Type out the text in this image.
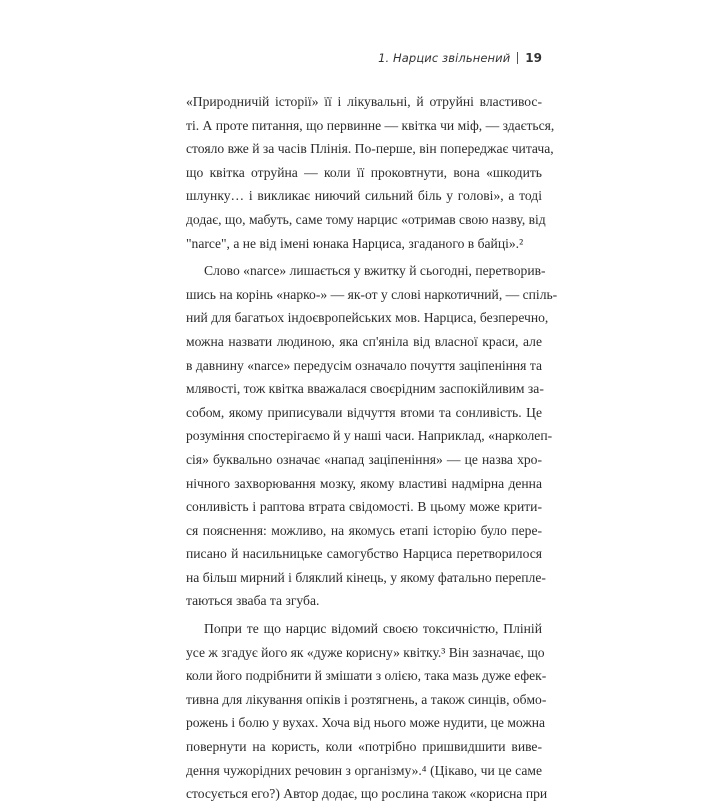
1. Нарцис звільнений 19
«Природничій історії» її і лікувальні, й отруйні властивос-
ті. А проте питання, що первинне — квітка чи міф, — здається,
стояло вже й за часів Плінія. По-перше, він попереджає читача,
що квітка отруйна — коли її проковтнути, вона «шкодить
шлунку… і викликає ниючий сильний біль у голові», а тоді
додає, що, мабуть, саме тому нарцис «отримав свою назву, від
"narce", а не від імені юнака Нарциса, згаданого в байці».²
Слово «narce» лишається у вжитку й сьогодні, перетворив-
шись на корінь «нарко-» — як-от у слові наркотичний, — спіль-
ний для багатьох індоєвропейських мов. Нарциса, безперечно,
можна назвати людиною, яка сп'яніла від власної краси, але
в давнину «narce» передусім означало почуття заціпеніння та
млявості, тож квітка вважалася своєрідним заспокійливим за-
собом, якому приписували відчуття втоми та сонливість. Це
розуміння спостерігаємо й у наші часи. Наприклад, «нарколеп-
сія» буквально означає «напад заціпеніння» — це назва хро-
нічного захворювання мозку, якому властиві надмірна денна
сонливість і раптова втрата свідомості. В цьому може крити-
ся пояснення: можливо, на якомусь етапі історію було пере-
писано й насильницьке самогубство Нарциса перетворилося
на більш мирний і бляклий кінець, у якому фатально перепле-
таються зваба та згуба.
Попри те що нарцис відомий своєю токсичністю, Пліній
усе ж згадує його як «дуже корисну» квітку.³ Він зазначає, що
коли його подрібнити й змішати з олією, така мазь дуже ефек-
тивна для лікування опіків і розтягнень, а також синців, обмо-
рожень і болю у вухах. Хоча від нього може нудити, це можна
повернути на користь, коли «потрібно пришвидшити виве-
дення чужорідних речовин з організму».⁴ (Цікаво, чи це саме
стосується его?) Автор додає, що рослина також «корисна при
